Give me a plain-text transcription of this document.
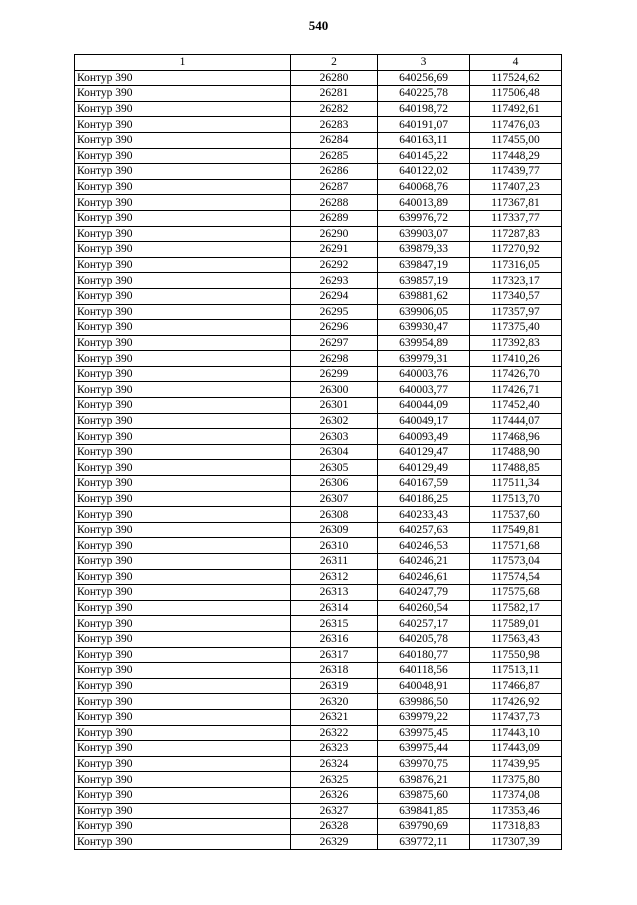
540
1	2	3	4
Контур 390	26280	640256,69	117524,62
Контур 390	26281	640225,78	117506,48
Контур 390	26282	640198,72	117492,61
Контур 390	26283	640191,07	117476,03
Контур 390	26284	640163,11	117455,00
Контур 390	26285	640145,22	117448,29
Контур 390	26286	640122,02	117439,77
Контур 390	26287	640068,76	117407,23
Контур 390	26288	640013,89	117367,81
Контур 390	26289	639976,72	117337,77
Контур 390	26290	639903,07	117287,83
Контур 390	26291	639879,33	117270,92
Контур 390	26292	639847,19	117316,05
Контур 390	26293	639857,19	117323,17
Контур 390	26294	639881,62	117340,57
Контур 390	26295	639906,05	117357,97
Контур 390	26296	639930,47	117375,40
Контур 390	26297	639954,89	117392,83
Контур 390	26298	639979,31	117410,26
Контур 390	26299	640003,76	117426,70
Контур 390	26300	640003,77	117426,71
Контур 390	26301	640044,09	117452,40
Контур 390	26302	640049,17	117444,07
Контур 390	26303	640093,49	117468,96
Контур 390	26304	640129,47	117488,90
Контур 390	26305	640129,49	117488,85
Контур 390	26306	640167,59	117511,34
Контур 390	26307	640186,25	117513,70
Контур 390	26308	640233,43	117537,60
Контур 390	26309	640257,63	117549,81
Контур 390	26310	640246,53	117571,68
Контур 390	26311	640246,21	117573,04
Контур 390	26312	640246,61	117574,54
Контур 390	26313	640247,79	117575,68
Контур 390	26314	640260,54	117582,17
Контур 390	26315	640257,17	117589,01
Контур 390	26316	640205,78	117563,43
Контур 390	26317	640180,77	117550,98
Контур 390	26318	640118,56	117513,11
Контур 390	26319	640048,91	117466,87
Контур 390	26320	639986,50	117426,92
Контур 390	26321	639979,22	117437,73
Контур 390	26322	639975,45	117443,10
Контур 390	26323	639975,44	117443,09
Контур 390	26324	639970,75	117439,95
Контур 390	26325	639876,21	117375,80
Контур 390	26326	639875,60	117374,08
Контур 390	26327	639841,85	117353,46
Контур 390	26328	639790,69	117318,83
Контур 390	26329	639772,11	117307,39
